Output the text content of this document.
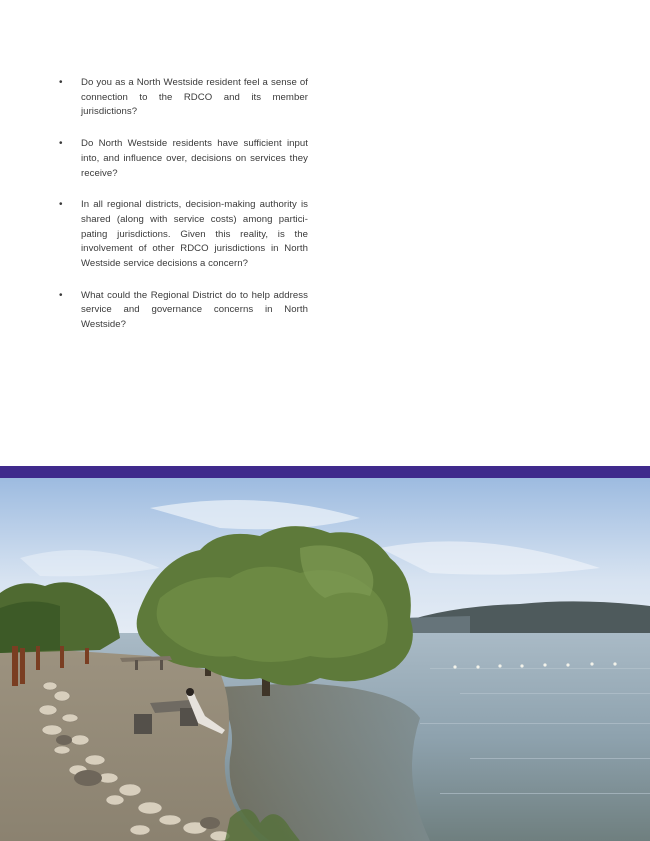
• Do you as a North Westside resident feel a sense of connection to the RDCO and its member jurisdictions?
• Do North Westside residents have sufficient input into, and influence over, decisions on services they receive?
• In all regional districts, decision-making authority is shared (along with service costs) among partici-pating jurisdictions. Given this reality, is the involvement of other RDCO jurisdictions in North Westside service decisions a concern?
• What could the Regional District do to help address service and governance concerns in North Westside?
